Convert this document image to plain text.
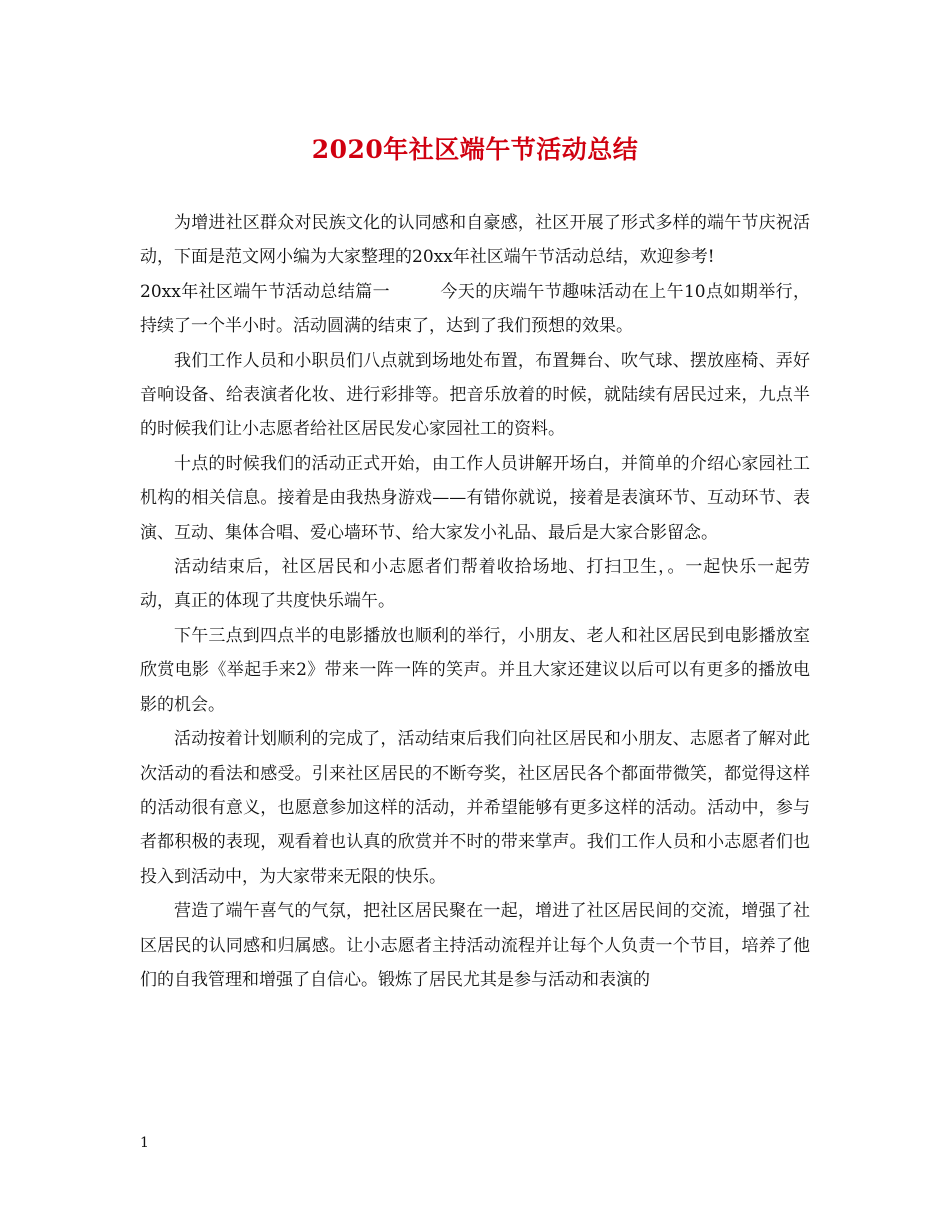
2020年社区端午节活动总结

为增进社区群众对民族文化的认同感和自豪感，社区开展了形式多样的端午节庆祝活动，下面是范文网小编为大家整理的20xx年社区端午节活动总结，欢迎参考!

20xx年社区端午节活动总结篇一	今天的庆端午节趣味活动在上午10点如期举行，持续了一个半小时。活动圆满的结束了，达到了我们预想的效果。

我们工作人员和小职员们八点就到场地处布置，布置舞台、吹气球、摆放座椅、弄好音响设备、给表演者化妆、进行彩排等。把音乐放着的时候，就陆续有居民过来，九点半的时候我们让小志愿者给社区居民发心家园社工的资料。

十点的时候我们的活动正式开始，由工作人员讲解开场白，并简单的介绍心家园社工机构的相关信息。接着是由我热身游戏——有错你就说，接着是表演环节、互动环节、表演、互动、集体合唱、爱心墙环节、给大家发小礼品、最后是大家合影留念。

活动结束后，社区居民和小志愿者们帮着收拾场地、打扫卫生，。一起快乐一起劳动，真正的体现了共度快乐端午。

下午三点到四点半的电影播放也顺利的举行，小朋友、老人和社区居民到电影播放室欣赏电影《举起手来2》带来一阵一阵的笑声。并且大家还建议以后可以有更多的播放电影的机会。

活动按着计划顺利的完成了，活动结束后我们向社区居民和小朋友、志愿者了解对此次活动的看法和感受。引来社区居民的不断夸奖，社区居民各个都面带微笑，都觉得这样的活动很有意义，也愿意参加这样的活动，并希望能够有更多这样的活动。活动中，参与者都积极的表现，观看着也认真的欣赏并不时的带来掌声。我们工作人员和小志愿者们也投入到活动中，为大家带来无限的快乐。

营造了端午喜气的气氛，把社区居民聚在一起，增进了社区居民间的交流，增强了社区居民的认同感和归属感。让小志愿者主持活动流程并让每个人负责一个节目，培养了他们的自我管理和增强了自信心。锻炼了居民尤其是参与活动和表演的

1
